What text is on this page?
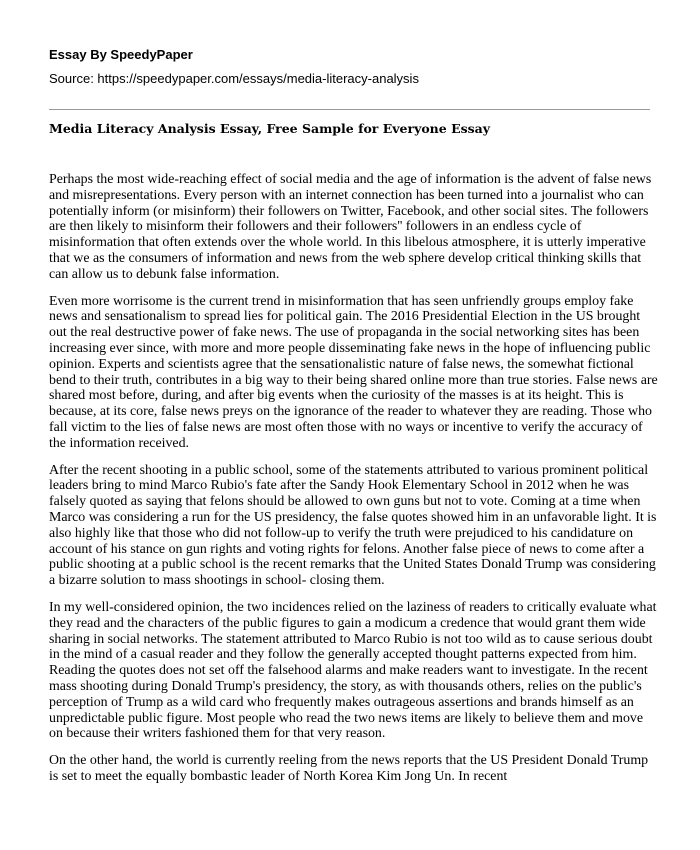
Essay By SpeedyPaper
Source: https://speedypaper.com/essays/media-literacy-analysis
Media Literacy Analysis Essay, Free Sample for Everyone Essay

Perhaps the most wide-reaching effect of social media and the age of information is the advent of false news and misrepresentations. Every person with an internet connection has been turned into a journalist who can potentially inform (or misinform) their followers on Twitter, Facebook, and other social sites. The followers are then likely to misinform their followers and their followers'' followers in an endless cycle of misinformation that often extends over the whole world. In this libelous atmosphere, it is utterly imperative that we as the consumers of information and news from the web sphere develop critical thinking skills that can allow us to debunk false information.

Even more worrisome is the current trend in misinformation that has seen unfriendly groups employ fake news and sensationalism to spread lies for political gain. The 2016 Presidential Election in the US brought out the real destructive power of fake news. The use of propaganda in the social networking sites has been increasing ever since, with more and more people disseminating fake news in the hope of influencing public opinion. Experts and scientists agree that the sensationalistic nature of false news, the somewhat fictional bend to their truth, contributes in a big way to their being shared online more than true stories. False news are shared most before, during, and after big events when the curiosity of the masses is at its height. This is because, at its core, false news preys on the ignorance of the reader to whatever they are reading. Those who fall victim to the lies of false news are most often those with no ways or incentive to verify the accuracy of the information received.

After the recent shooting in a public school, some of the statements attributed to various prominent political leaders bring to mind Marco Rubio's fate after the Sandy Hook Elementary School in 2012 when he was falsely quoted as saying that felons should be allowed to own guns but not to vote. Coming at a time when Marco was considering a run for the US presidency, the false quotes showed him in an unfavorable light. It is also highly like that those who did not follow-up to verify the truth were prejudiced to his candidature on account of his stance on gun rights and voting rights for felons. Another false piece of news to come after a public shooting at a public school is the recent remarks that the United States Donald Trump was considering a bizarre solution to mass shootings in school- closing them.

In my well-considered opinion, the two incidences relied on the laziness of readers to critically evaluate what they read and the characters of the public figures to gain a modicum a credence that would grant them wide sharing in social networks. The statement attributed to Marco Rubio is not too wild as to cause serious doubt in the mind of a casual reader and they follow the generally accepted thought patterns expected from him. Reading the quotes does not set off the falsehood alarms and make readers want to investigate. In the recent mass shooting during Donald Trump's presidency, the story, as with thousands others, relies on the public's perception of Trump as a wild card who frequently makes outrageous assertions and brands himself as an unpredictable public figure. Most people who read the two news items are likely to believe them and move on because their writers fashioned them for that very reason.

On the other hand, the world is currently reeling from the news reports that the US President Donald Trump is set to meet the equally bombastic leader of North Korea Kim Jong Un. In recent
